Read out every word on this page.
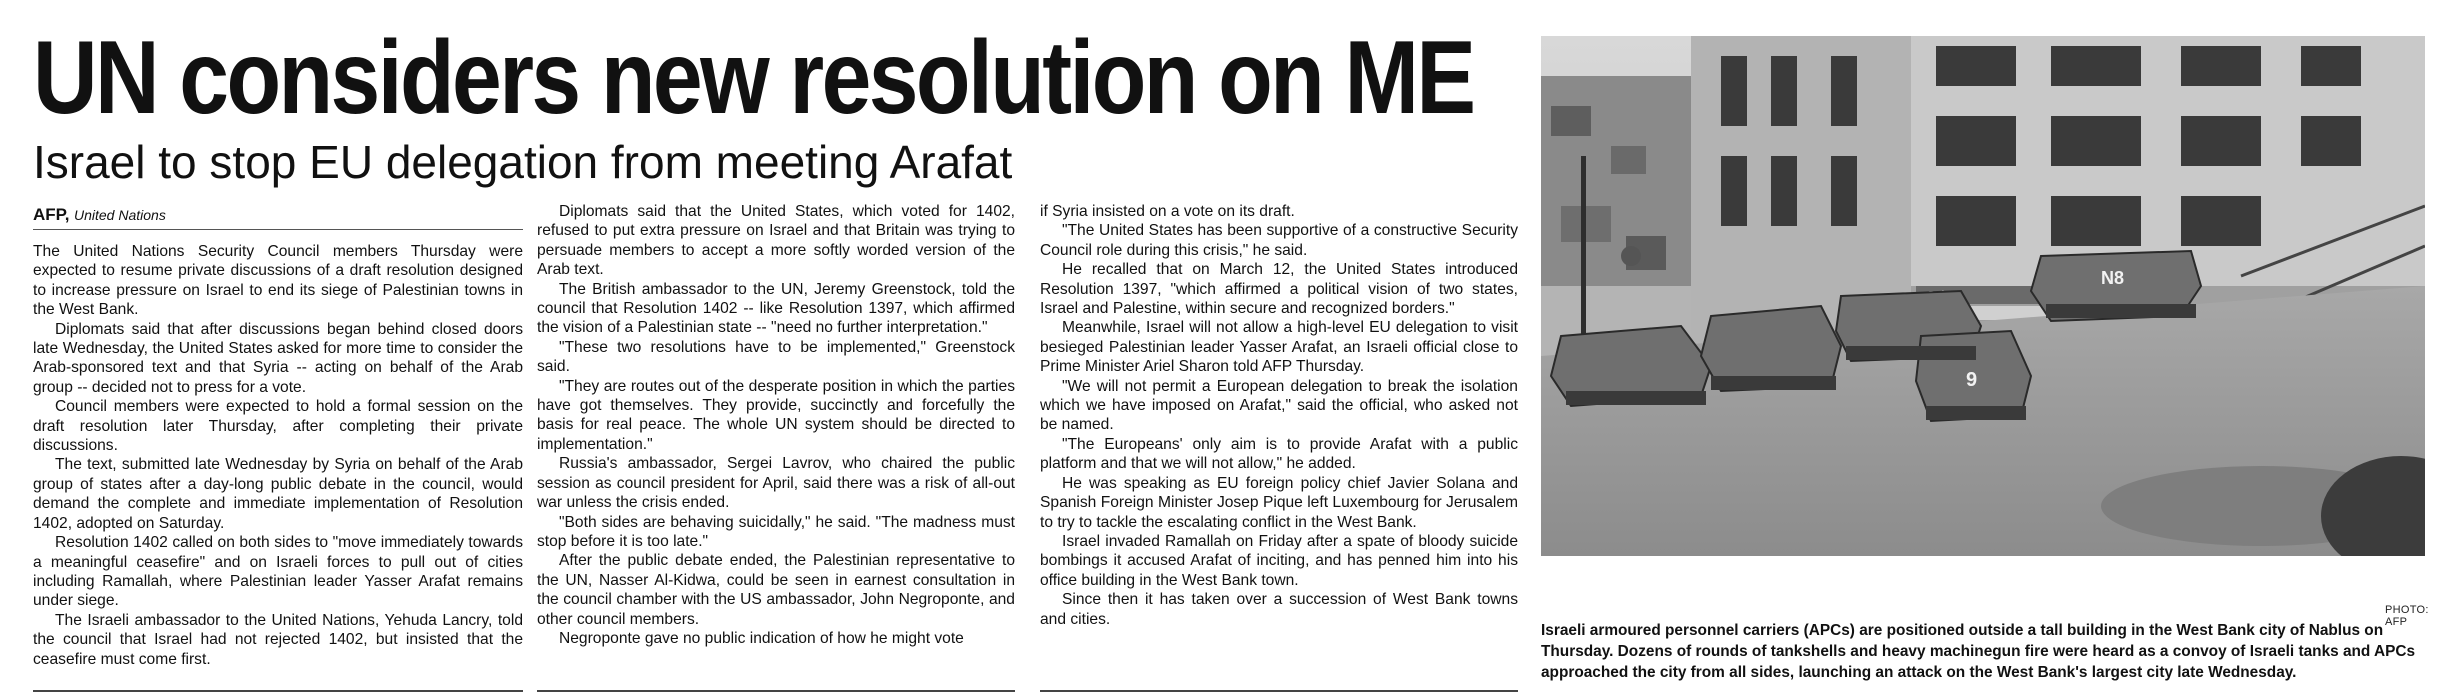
UN considers new resolution on ME
Israel to stop EU delegation from meeting Arafat
AFP, United Nations

The United Nations Security Council members Thursday were expected to resume private discussions of a draft resolution designed to increase pressure on Israel to end its siege of Palestinian towns in the West Bank.

Diplomats said that after discussions began behind closed doors late Wednesday, the United States asked for more time to consider the Arab-sponsored text and that Syria -- acting on behalf of the Arab group -- decided not to press for a vote.

Council members were expected to hold a formal session on the draft resolution later Thursday, after completing their private discussions.

The text, submitted late Wednesday by Syria on behalf of the Arab group of states after a day-long public debate in the council, would demand the complete and immediate implementation of Resolution 1402, adopted on Saturday.

Resolution 1402 called on both sides to "move immediately towards a meaningful ceasefire" and on Israeli forces to pull out of cities including Ramallah, where Palestinian leader Yasser Arafat remains under siege.

The Israeli ambassador to the United Nations, Yehuda Lancry, told the council that Israel had not rejected 1402, but insisted that the ceasefire must come first.

Diplomats said that the United States, which voted for 1402, refused to put extra pressure on Israel and that Britain was trying to persuade members to accept a more softly worded version of the Arab text.

The British ambassador to the UN, Jeremy Greenstock, told the council that Resolution 1402 -- like Resolution 1397, which affirmed the vision of a Palestinian state -- "need no further interpretation."

"These two resolutions have to be implemented," Greenstock said.

"They are routes out of the desperate position in which the parties have got themselves. They provide, succinctly and forcefully the basis for real peace. The whole UN system should be directed to implementation."

Russia's ambassador, Sergei Lavrov, who chaired the public session as council president for April, said there was a risk of all-out war unless the crisis ended.

"Both sides are behaving suicidally," he said. "The madness must stop before it is too late."

After the public debate ended, the Palestinian representative to the UN, Nasser Al-Kidwa, could be seen in earnest consultation in the council chamber with the US ambassador, John Negroponte, and other council members.

Negroponte gave no public indication of how he might vote

if Syria insisted on a vote on its draft.

"The United States has been supportive of a constructive Security Council role during this crisis," he said.

He recalled that on March 12, the United States introduced Resolution 1397, "which affirmed a political vision of two states, Israel and Palestine, within secure and recognized borders."

Meanwhile, Israel will not allow a high-level EU delegation to visit besieged Palestinian leader Yasser Arafat, an Israeli official close to Prime Minister Ariel Sharon told AFP Thursday.

"We will not permit a European delegation to break the isolation which we have imposed on Arafat," said the official, who asked not be named.

"The Europeans' only aim is to provide Arafat with a public platform and that we will not allow," he added.

He was speaking as EU foreign policy chief Javier Solana and Spanish Foreign Minister Josep Pique left Luxembourg for Jerusalem to try to tackle the escalating conflict in the West Bank.

Israel invaded Ramallah on Friday after a spate of bloody suicide bombings it accused Arafat of inciting, and has penned him into his office building in the West Bank town.

Since then it has taken over a succession of West Bank towns and cities.

N8
9
PHOTO: AFP
Israeli armoured personnel carriers (APCs) are positioned outside a tall building in the West Bank city of Nablus on Thursday. Dozens of rounds of tankshells and heavy machinegun fire were heard as a convoy of Israeli tanks and APCs approached the city from all sides, launching an attack on the West Bank's largest city late Wednesday.
